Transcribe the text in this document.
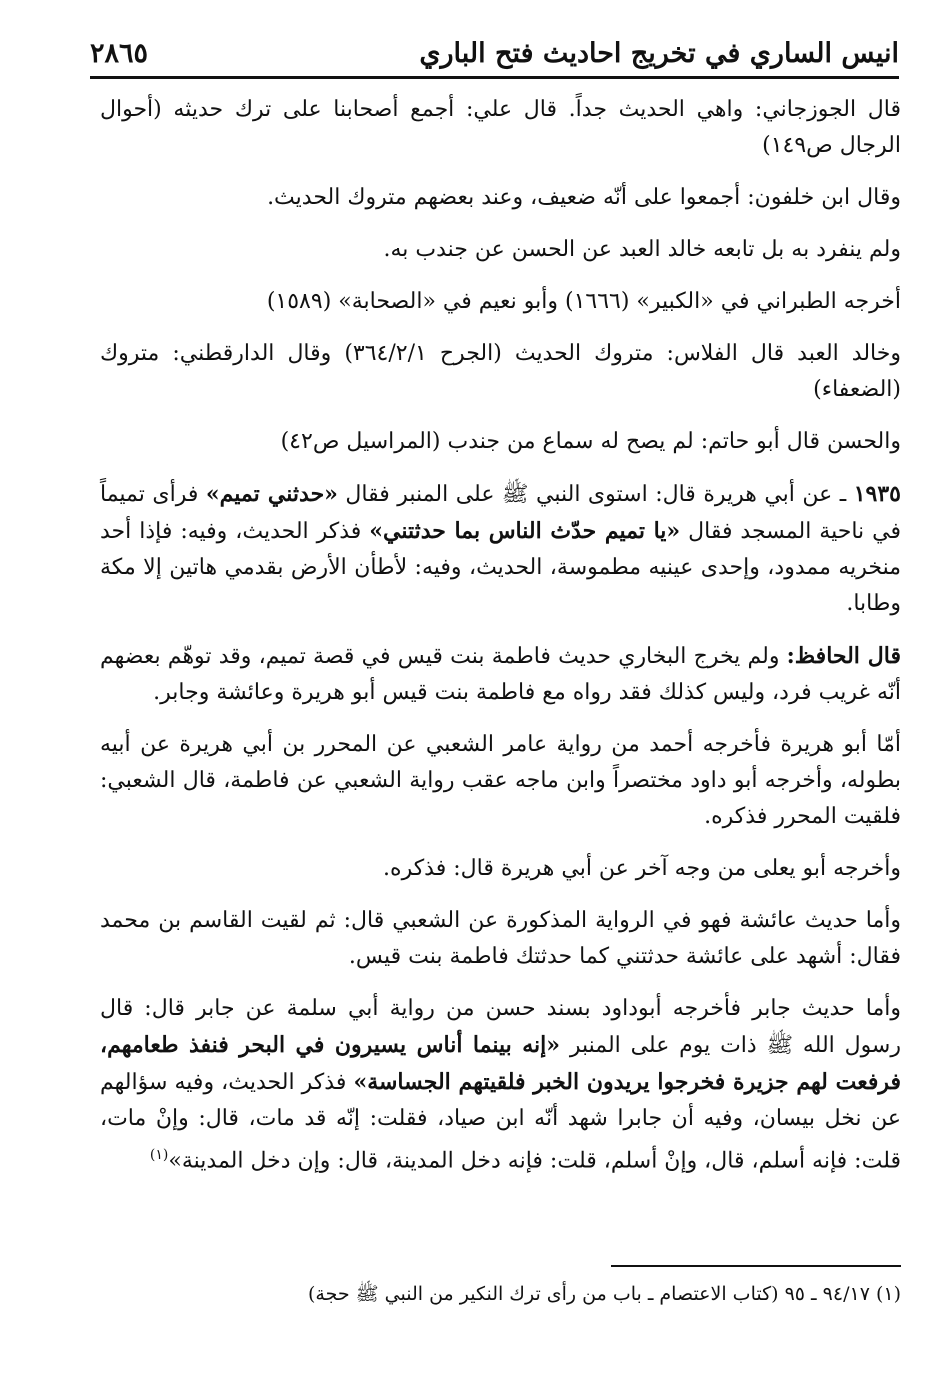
انيس الساري في تخريج احاديث فتح الباري
٢٨٦٥

قال الجوزجاني: واهي الحديث جداً. قال علي: أجمع أصحابنا على ترك حديثه (أحوال الرجال ص١٤٩)

وقال ابن خلفون: أجمعوا على أنّه ضعيف، وعند بعضهم متروك الحديث.

ولم ينفرد به بل تابعه خالد العبد عن الحسن عن جندب به.

أخرجه الطبراني في «الكبير» (١٦٦٦) وأبو نعيم في «الصحابة» (١٥٨٩)

وخالد العبد قال الفلاس: متروك الحديث (الجرح ٣٦٤/٢/١) وقال الدارقطني: متروك (الضعفاء)

والحسن قال أبو حاتم: لم يصح له سماع من جندب (المراسيل ص٤٢)

١٩٣٥ ـ عن أبي هريرة قال: استوى النبي ﷺ على المنبر فقال «حدثني تميم» فرأى تميماً في ناحية المسجد فقال «يا تميم حدّث الناس بما حدثتني» فذكر الحديث، وفيه: فإذا أحد منخريه ممدود، وإحدى عينيه مطموسة، الحديث، وفيه: لأطأن الأرض بقدمي هاتين إلا مكة وطابا.

قال الحافظ: ولم يخرج البخاري حديث فاطمة بنت قيس في قصة تميم، وقد توهّم بعضهم أنّه غريب فرد، وليس كذلك فقد رواه مع فاطمة بنت قيس أبو هريرة وعائشة وجابر.

أمّا أبو هريرة فأخرجه أحمد من رواية عامر الشعبي عن المحرر بن أبي هريرة عن أبيه بطوله، وأخرجه أبو داود مختصراً وابن ماجه عقب رواية الشعبي عن فاطمة، قال الشعبي: فلقيت المحرر فذكره.

وأخرجه أبو يعلى من وجه آخر عن أبي هريرة قال: فذكره.

وأما حديث عائشة فهو في الرواية المذكورة عن الشعبي قال: ثم لقيت القاسم بن محمد فقال: أشهد على عائشة حدثتني كما حدثتك فاطمة بنت قيس.

وأما حديث جابر فأخرجه أبوداود بسند حسن من رواية أبي سلمة عن جابر قال: قال رسول الله ﷺ ذات يوم على المنبر «إنه بينما أناس يسيرون في البحر فنفذ طعامهم، فرفعت لهم جزيرة فخرجوا يريدون الخبر فلقيتهم الجساسة» فذكر الحديث، وفيه سؤالهم عن نخل بيسان، وفيه أن جابرا شهد أنّه ابن صياد، فقلت: إنّه قد مات، قال: وإنْ مات، قلت: فإنه أسلم، قال، وإنْ أسلم، قلت: فإنه دخل المدينة، قال: وإن دخل المدينة»$^{(١)}$

(١) ٩٤/١٧ ـ ٩٥ (كتاب الاعتصام ـ باب من رأى ترك النكير من النبي ﷺ حجة)
